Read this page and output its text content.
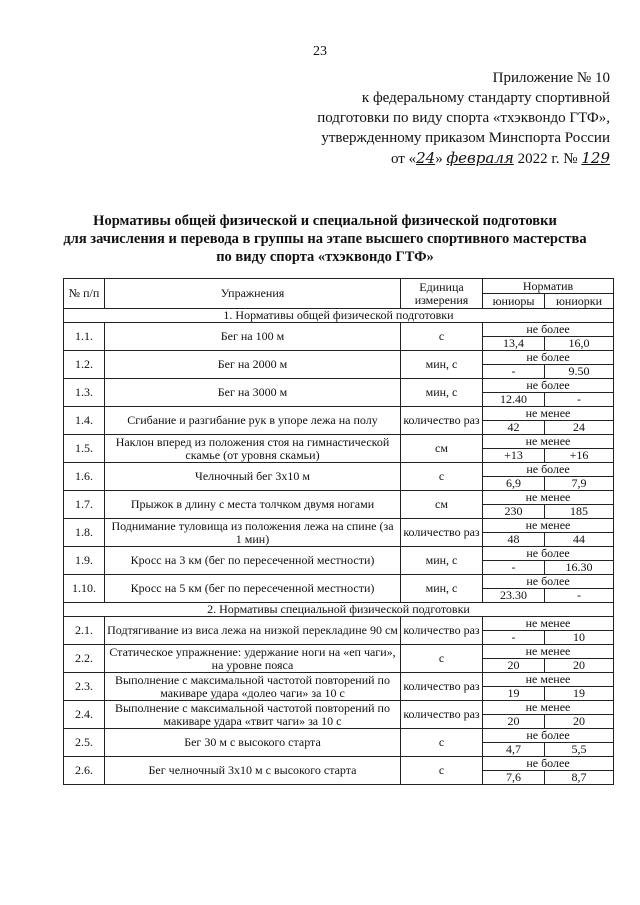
23
Приложение № 10
к федеральному стандарту спортивной
подготовки по виду спорта «тхэквондо ГТФ»,
утвержденному приказом Минспорта России
от «24» февраля 2022 г. № 129
Нормативы общей физической и специальной физической подготовки
для зачисления и перевода в группы на этапе высшего спортивного мастерства
по виду спорта «тхэквондо ГТФ»
№ п/п	Упражнения	Единица измерения	Норматив	
			юниоры	юниорки
1. Нормативы общей физической подготовки				
1.1.	Бег на 100 м	с	не более	
			13,4	16,0
1.2.	Бег на 2000 м	мин, с	не более	
			-	9.50
1.3.	Бег на 3000 м	мин, с	не более	
			12.40	-
1.4.	Сгибание и разгибание рук в упоре лежа на полу	количество раз	не менее	
			42	24
1.5.	Наклон вперед из положения стоя на гимнастической скамье (от уровня скамьи)	см	не менее	
			+13	+16
1.6.	Челночный бег 3х10 м	с	не более	
			6,9	7,9
1.7.	Прыжок в длину с места толчком двумя ногами	см	не менее	
			230	185
1.8.	Поднимание туловища из положения лежа на спине (за 1 мин)	количество раз	не менее	
			48	44
1.9.	Кросс на 3 км (бег по пересеченной местности)	мин, с	не более	
			-	16.30
1.10.	Кросс на 5 км (бег по пересеченной местности)	мин, с	не более	
			23.30	-
2. Нормативы специальной физической подготовки				
2.1.	Подтягивание из виса лежа на низкой перекладине 90 см	количество раз	не менее	
			-	10
2.2.	Статическое упражнение: удержание ноги на «еп чаги», на уровне пояса	с	не менее	
			20	20
2.3.	Выполнение с максимальной частотой повторений по макиваре удара «долео чаги» за 10 с	количество раз	не менее	
			19	19
2.4.	Выполнение с максимальной частотой повторений по макиваре удара «твит чаги» за 10 с	количество раз	не менее	
			20	20
2.5.	Бег 30 м с высокого старта	с	не более	
			4,7	5,5
2.6.	Бег челночный 3х10 м с высокого старта	с	не более	
			7,6	8,7
